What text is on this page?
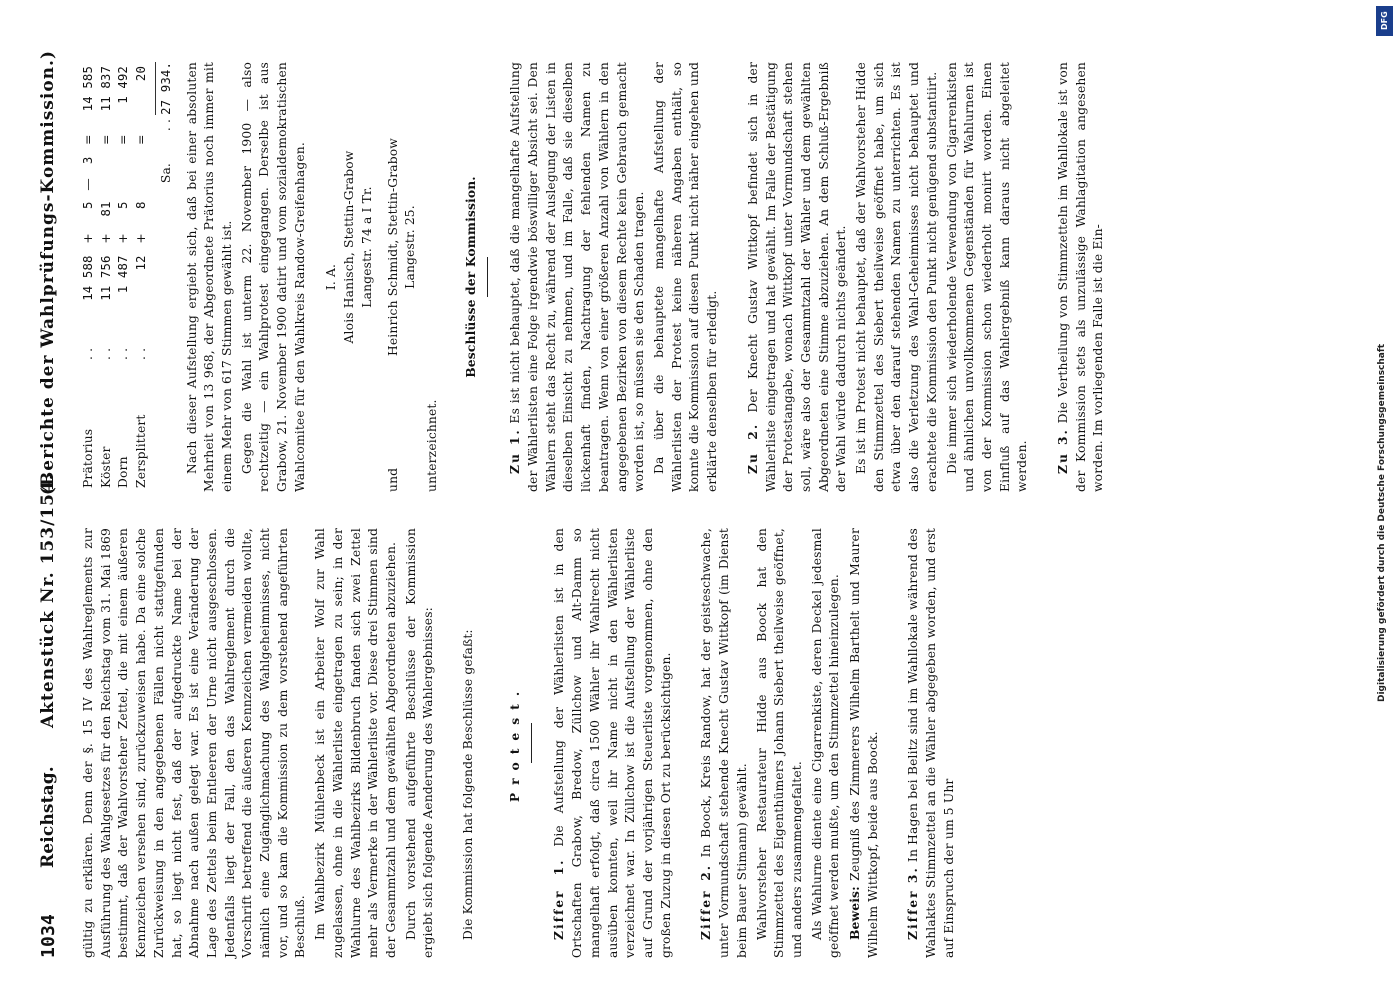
1034
Reichstag.
Aktenstück Nr. 153/154.
(Berichte der Wahlprüfungs-Kommission.)

gültig zu erklären. Denn der §. 15 IV des Wahlreglements zur Ausführung des Wahlgesetzes für den Reichstag vom 31. Mai 1869 bestimmt, daß der Wahlvorsteher Zettel, die mit einem äußeren Kennzeichen versehen sind, zurückzuweisen habe. Da eine solche Zurückweisung in den angegebenen Fällen nicht stattgefunden hat, so liegt nicht fest, daß der aufgedruckte Name bei der Abnahme nach außen gelegt war. Es ist eine Veränderung der Lage des Zettels beim Entleeren der Urne nicht ausgeschlossen. Jedenfalls liegt der Fall, den das Wahlreglement durch die Vorschrift betreffend die äußeren Kennzeichen vermeiden wollte, nämlich eine Zugänglichmachung des Wahlgeheimnisses, nicht vor, und so kam die Kommission zu dem vorstehend angeführten Beschluß. Im Wahlbezirk Mühlenbeck ist ein Arbeiter Wolf zur Wahl zugelassen, ohne in die Wählerliste eingetragen zu sein; in der Wahlurne des Wahlbezirks Bildenbruch fanden sich zwei Zettel mehr als Vermerke in der Wählerliste vor. Diese drei Stimmen sind der Gesammtzahl und dem gewählten Abgeordneten abzuziehen. Durch vorstehend aufgeführte Beschlüsse der Kommission ergiebt sich folgende Aenderung des Wahlergebnisses: Die Kommission hat folgende Beschlüsse gefaßt:	Protest.

Ziffer 1. Die Aufstellung der Wählerlisten ist in den Ortschaften Grabow, Bredow, Züllchow und Alt-Damm so mangelhaft erfolgt, daß circa 1500 Wähler ihr Wahlrecht nicht ausüben konnten, weil ihr Name nicht in den Wählerlisten verzeichnet war. In Züllchow ist die Aufstellung der Wählerliste auf Grund der vorjährigen Steuerliste vorgenommen, ohne den großen Zuzug in diesen Ort zu berücksichtigen. Ziffer 2. In Boock, Kreis Randow, hat der geisteschwache, unter Vormundschaft stehende Knecht Gustav Wittkopf (im Dienst beim Bauer Stimann) gewählt. Wahlvorsteher Restaurateur Hidde aus Boock hat den Stimmzettel des Eigenthümers Johann Siebert theilweise geöffnet, und anders zusammengefaltet. Als Wahlurne diente eine Cigarrenkiste, deren Deckel jedesmal geöffnet werden mußte, um den Stimmzettel hineinzulegen. Beweis: Zeugniß des Zimmerers Wilhelm Barthelt und Maurer Wilhelm Wittkopf, beide aus Boock. Ziffer 3. In Hagen bei Belitz sind im Wahllokale während des Wahlaktes Stimmzettel an die Wähler abgegeben worden, und erst auf Einspruch der um 5 Uhr

Prätorius	. .	14 588	+	5	—	3	=	14 585
Köster	. .	11 756	+	81			=	11 837
Dorn	. .	1 487	+	5			=	1 492
Zersplittert	. .	12	+	8			=	20
Sa. . . 27 934. Nach dieser Aufstellung ergiebt sich, daß bei einer absoluten Mehrheit von 13 968, der Abgeordnete Prätorius noch immer mit einem Mehr von 617 Stimmen gewählt ist. Gegen die Wahl ist unterm 22. November 1900 — also rechtzeitig — ein Wahlprotest eingegangen. Derselbe ist aus Grabow, 21. November 1900 datirt und vom sozialdemokratischen Wahlcomitee für den Wahlkreis Randow-Greifenhagen. I. A. Alois Hanisch, Stettin-Grabow Langestr. 74 a I Tr.
und
Heinrich Schmidt, Stettin-Grabow Langestr. 25.
unterzeichnet.
Beschlüsse der Kommission.

Zu 1. Es ist nicht behauptet, daß die mangelhafte Aufstellung der Wählerlisten eine Folge irgendwie böswilliger Absicht sei. Den Wählern steht das Recht zu, während der Auslegung der Listen in dieselben Einsicht zu nehmen, und im Falle, daß sie dieselben lückenhaft finden, Nachtragung der fehlenden Namen zu beantragen. Wenn von einer größeren Anzahl von Wählern in den angegebenen Bezirken von diesem Rechte kein Gebrauch gemacht worden ist, so müssen sie den Schaden tragen. Da über die behauptete mangelhafte Aufstellung der Wählerlisten der Protest keine näheren Angaben enthält, so konnte die Kommission auf diesen Punkt nicht näher eingehen und erklärte denselben für erledigt. Zu 2. Der Knecht Gustav Wittkopf befindet sich in der Wählerliste eingetragen und hat gewählt. Im Falle der Bestätigung der Protestangabe, wonach Wittkopf unter Vormundschaft stehen soll, wäre also der Gesammtzahl der Wähler und dem gewählten Abgeordneten eine Stimme abzuziehen. An dem Schluß-Ergebniß der Wahl würde dadurch nichts geändert. Es ist im Protest nicht behauptet, daß der Wahlvorsteher Hidde den Stimmzettel des Siebert theilweise geöffnet habe, um sich etwa über den darauf stehenden Namen zu unterrichten. Es ist also die Verletzung des Wahl-Geheimnisses nicht behauptet und erachtete die Kommission den Punkt nicht genügend substantiirt. Die immer sich wiederholende Verwendung von Cigarrenkisten und ähnlichen unvollkommenen Gegenständen für Wahlurnen ist von der Kommission schon wiederholt monirt worden. Einen Einfluß auf das Wahlergebniß kann daraus nicht abgeleitet werden. Zu 3. Die Vertheilung von Stimmzetteln im Wahllokale ist von der Kommission stets als unzulässige Wahlagitation angesehen worden. Im vorliegenden Falle ist die Ein-

DFG
Digitalisierung gefördert durch die Deutsche Forschungsgemeinschaft
